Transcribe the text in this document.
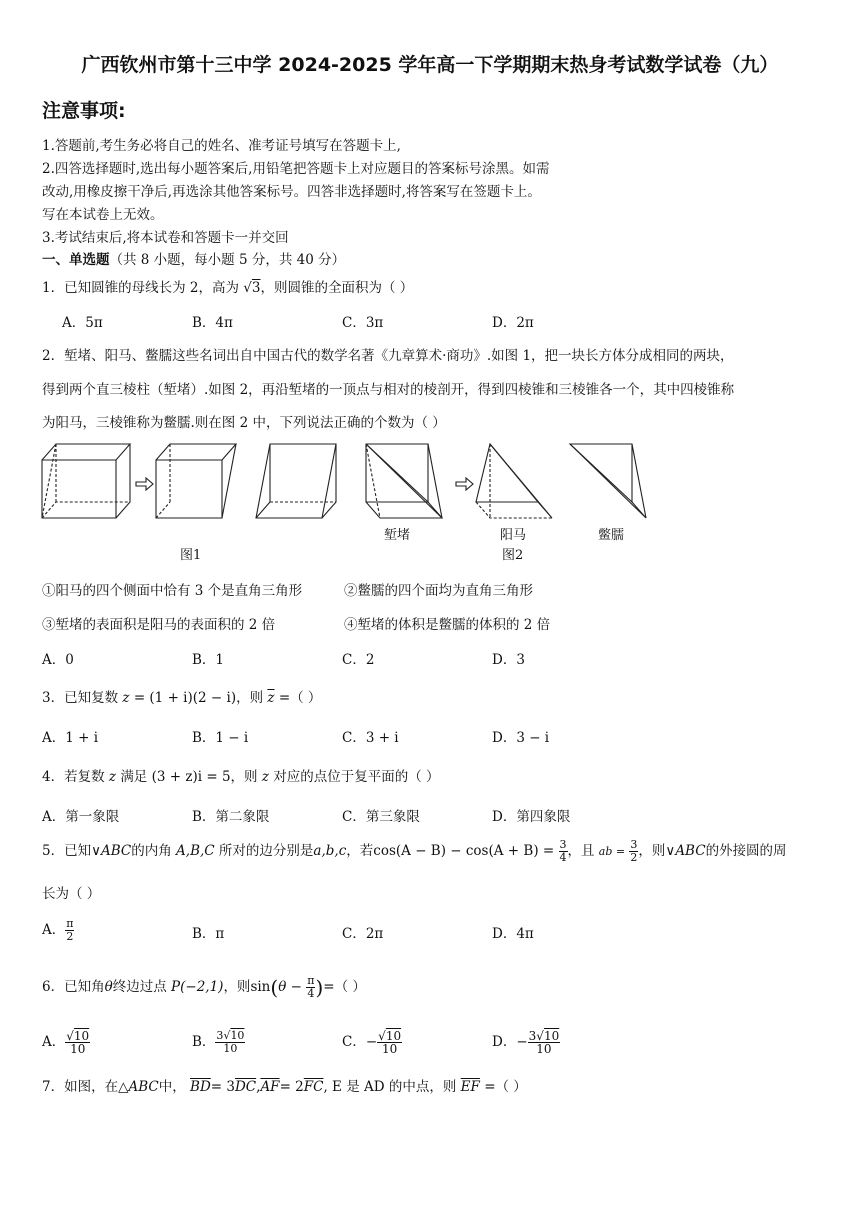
广西钦州市第十三中学 2024-2025 学年高一下学期期末热身考试数学试卷（九）
注意事项:
1.答题前,考生务必将自己的姓名、准考证号填写在答题卡上,
2.四答选择题时,选出每小题答案后,用铅笔把答题卡上对应题目的答案标号涂黑。如需
改动,用橡皮擦干净后,再选涂其他答案标号。四答非选择题时,将答案写在签题卡上。
写在本试卷上无效。
3.考试结束后,将本试卷和答题卡一并交回
一、单选题（共 8 小题，每小题 5 分，共 40 分）
1．已知圆锥的母线长为 2，高为 √3，则圆锥的全面积为（ ）
A．5π	B．4π	C．3π	D．2π
2．堑堵、阳马、鳖臑这些名词出自中国古代的数学名著《九章算术·商功》.如图 1，把一块长方体分成相同的两块，
得到两个直三棱柱（堑堵）.如图 2，再沿堑堵的一顶点与相对的棱剖开，得到四棱锥和三棱锥各一个，其中四棱锥称
为阳马，三棱锥称为鳖臑.则在图 2 中，下列说法正确的个数为（ ）
堑堵	阳马	鳖臑
图1	图2
①阳马的四个侧面中恰有 3 个是直角三角形	②鳖臑的四个面均为直角三角形
③堑堵的表面积是阳马的表面积的 2 倍	④堑堵的体积是鳖臑的体积的 2 倍
A．0	B．1	C．2	D．3
3．已知复数 z = (1 + i)(2 − i)，则 $\overline{z}$ =（ ）
A．1 + i	B．1 − i	C．3 + i	D．3 − i
4．若复数 z 满足 (3 + z)i = 5，则 z 对应的点位于复平面的（ ）
A．第一象限	B．第二象限	C．第三象限	D．第四象限
5．已知∨ABC的内角 A,B,C 所对的边分别是a,b,c，若$\cos(A - B) - \cos(A + B) = \frac{3}{4}$ ，且 ab = $\frac{3}{2}$ ，则∨ABC的外接圆的周
长为（ ）
A． $\frac{\pi}{2}$	B．π	C．2π	D．4π
6．已知角θ终边过点 P(−2,1)，则$\sin(\theta - \frac{\pi}{4}$ )=（ ）
A． $\frac{√10}{10}$	B． $\frac{3√10}{10}$	C．− $\frac{√10}{10}$	D．− $\frac{3√10}{10}$
7．如图，在△ABC中， $\overline{BD}= 3\overline{DC},\overline{AF}= 2\overline{FC}$, E 是 AD 的中点，则 $\overline{EF}$ =（ ）
